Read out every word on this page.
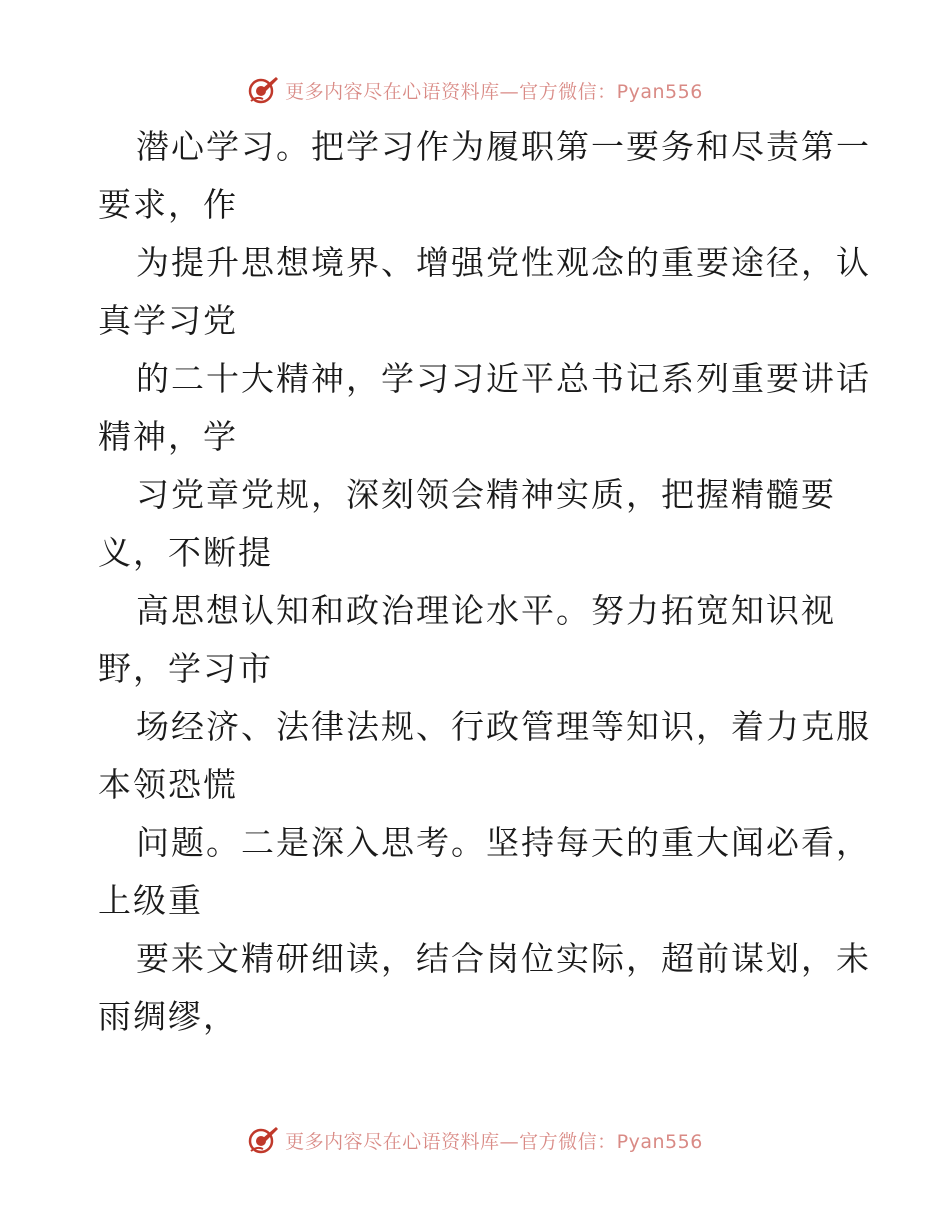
更多内容尽在心语资料库—官方微信：Pyan556
潜心学习。把学习作为履职第一要务和尽责第一
要求，作
为提升思想境界、增强党性观念的重要途径，认
真学习党
的二十大精神，学习习近平总书记系列重要讲话
精神，学
习党章党规，深刻领会精神实质，把握精髓要
义，不断提
高思想认知和政治理论水平。努力拓宽知识视
野，学习市
场经济、法律法规、行政管理等知识，着力克服
本领恐慌
问题。二是深入思考。坚持每天的重大闻必看，
上级重
要来文精研细读，结合岗位实际，超前谋划，未
雨绸缪，
更多内容尽在心语资料库—官方微信：Pyan556
